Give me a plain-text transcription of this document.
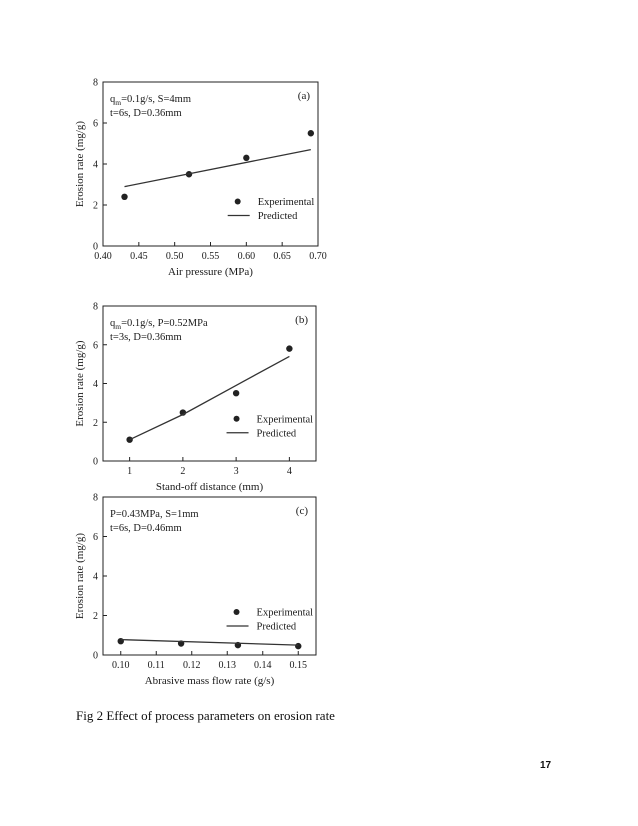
0.40 0.45 0.50 0.55 0.60 0.65 0.70
0
2
4
6
8
Air pressure (MPa)
Erosion rate (mg/g)
(a)
$q_m=0.1g/s$, S=4mm
t=6s, D=0.36mm
Experimental
Predicted
1	2	3	4
0
2
4
6
8
Stand-off distance (mm)
Erosion rate (mg/g)
(b)
$q_m=0.1g/s$, P=0.52MPa
t=3s, D=0.36mm
Experimental
Predicted
0.10 0.11 0.12 0.13 0.14 0.15
0
2
4
6
8
Abrasive mass flow rate (g/s)
Erosion rate (mg/g)
(c)
P=0.43MPa, S=1mm
t=6s, D=0.46mm
Experimental
Predicted
Fig 2 Effect of process parameters on erosion rate
17
